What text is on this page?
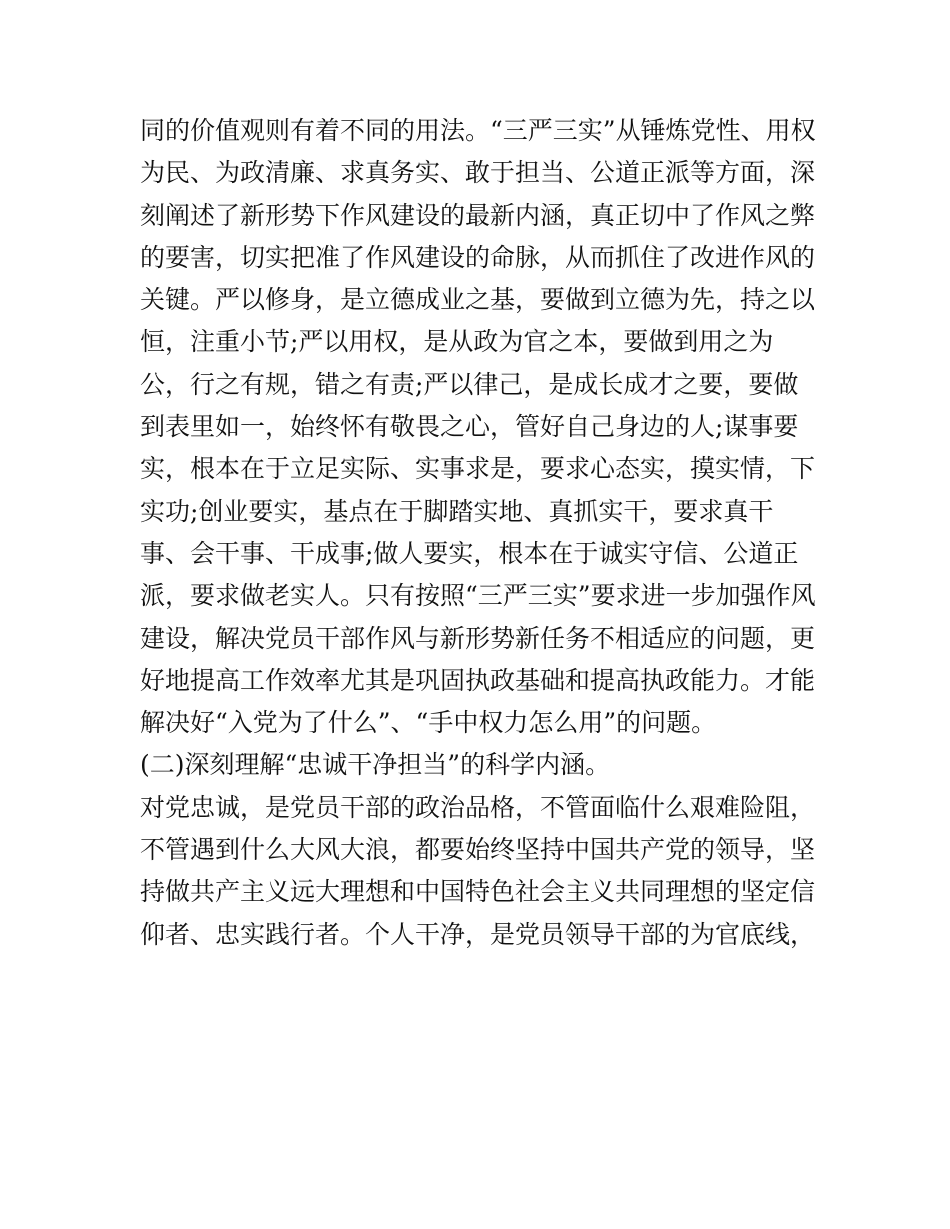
同的价值观则有着不同的用法。“三严三实”从锤炼党性、用权
为民、为政清廉、求真务实、敢于担当、公道正派等方面，深
刻阐述了新形势下作风建设的最新内涵，真正切中了作风之弊
的要害，切实把准了作风建设的命脉，从而抓住了改进作风的
关键。严以修身，是立德成业之基，要做到立德为先，持之以
恒，注重小节;严以用权，是从政为官之本，要做到用之为
公，行之有规，错之有责;严以律己，是成长成才之要，要做
到表里如一，始终怀有敬畏之心，管好自己身边的人;谋事要
实，根本在于立足实际、实事求是，要求心态实，摸实情，下
实功;创业要实，基点在于脚踏实地、真抓实干，要求真干
事、会干事、干成事;做人要实，根本在于诚实守信、公道正
派，要求做老实人。只有按照“三严三实”要求进一步加强作风
建设，解决党员干部作风与新形势新任务不相适应的问题，更
好地提高工作效率尤其是巩固执政基础和提高执政能力。才能
解决好“入党为了什么”、“手中权力怎么用”的问题。
(二)深刻理解“忠诚干净担当”的科学内涵。
对党忠诚，是党员干部的政治品格，不管面临什么艰难险阻，
不管遇到什么大风大浪，都要始终坚持中国共产党的领导，坚
持做共产主义远大理想和中国特色社会主义共同理想的坚定信
仰者、忠实践行者。个人干净，是党员领导干部的为官底线，
